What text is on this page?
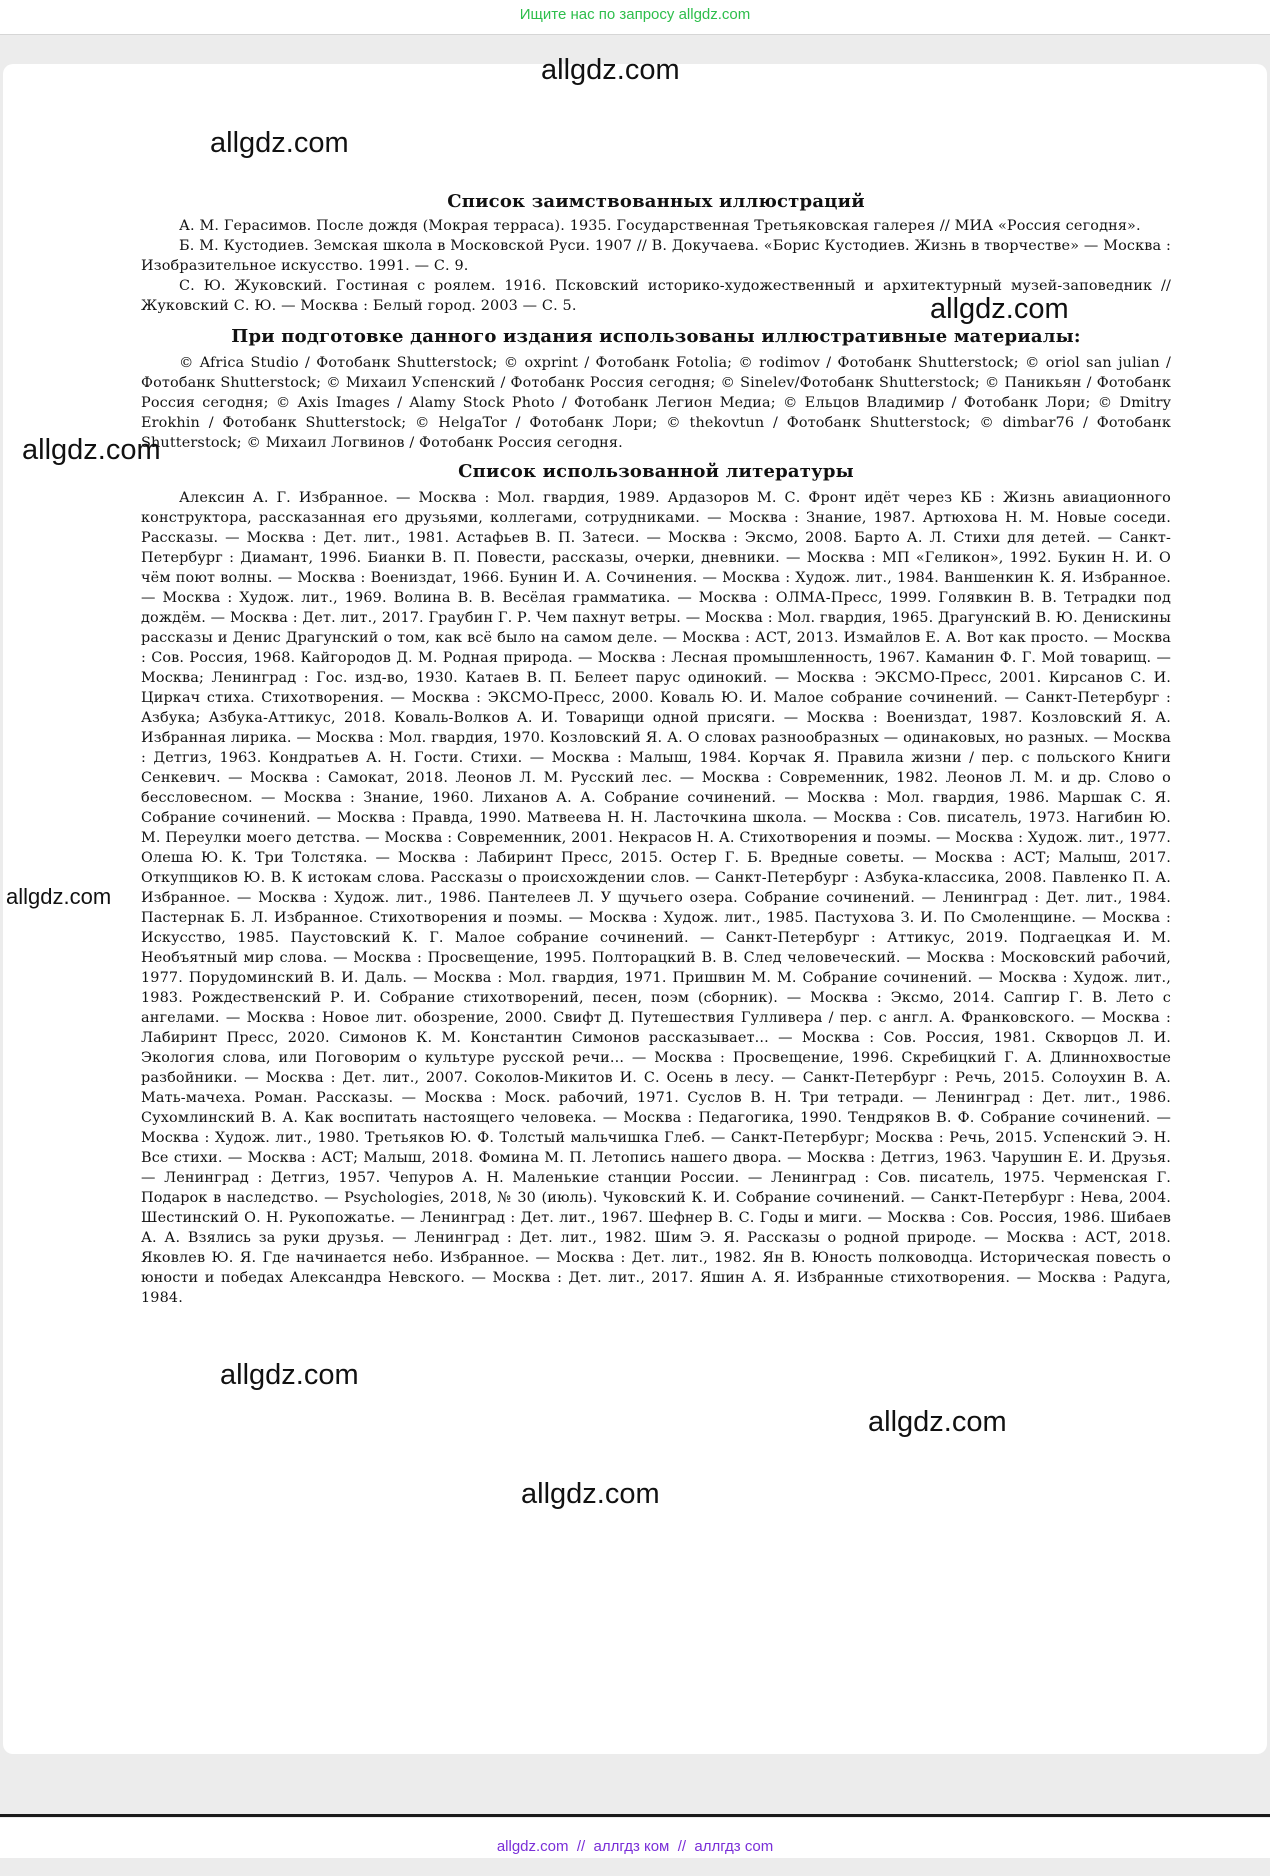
Ищите нас по запросу allgdz.com
allgdz.com
allgdz.com
allgdz.com
allgdz.com
allgdz.com
allgdz.com
allgdz.com
allgdz.com
Список заимствованных иллюстраций

А. М. Герасимов. После дождя (Мокрая терраса). 1935. Государственная Третьяковская галерея // МИА «Россия сегодня».

Б. М. Кустодиев. Земская школа в Московской Руси. 1907 // В. Докучаева. «Борис Кустодиев. Жизнь в творчестве» — Москва : Изобразительное искусство. 1991. — С. 9.

С. Ю. Жуковский. Гостиная с роялем. 1916. Псковский историко-художественный и архитектурный музей-заповедник // Жуковский С. Ю. — Москва : Белый город. 2003 — С. 5.

При подготовке данного издания использованы иллюстративные материалы:

© Africa Studio / Фотобанк Shutterstock; © oxprint / Фотобанк Fotolia; © rodimov / Фотобанк Shutterstock; © oriol san julian / Фотобанк Shutterstock; © Михаил Успенский / Фотобанк Россия сегодня; © Sinelev/Фотобанк Shutterstock; © Паникьян / Фотобанк Россия сегодня; © Axis Images / Alamy Stock Photo / Фотобанк Легион Медиа; © Ельцов Владимир / Фотобанк Лори; © Dmitry Erokhin / Фотобанк Shutterstock; © HelgaTor / Фотобанк Лори; © thekovtun / Фотобанк Shutterstock; © dimbar76 / Фотобанк Shutterstock; © Михаил Логвинов / Фотобанк Россия сегодня.

Список использованной литературы

Алексин А. Г. Избранное. — Москва : Мол. гвардия, 1989. Ардазоров М. С. Фронт идёт через КБ : Жизнь авиационного конструктора, рассказанная его друзьями, коллегами, сотрудниками. — Москва : Знание, 1987. Артюхова Н. М. Новые соседи. Рассказы. — Москва : Дет. лит., 1981. Астафьев В. П. Затеси. — Москва : Эксмо, 2008. Барто А. Л. Стихи для детей. — Санкт-Петербург : Диамант, 1996. Бианки В. П. Повести, рассказы, очерки, дневники. — Москва : МП «Геликон», 1992. Букин Н. И. О чём поют волны. — Москва : Воениздат, 1966. Бунин И. А. Сочинения. — Москва : Худож. лит., 1984. Ваншенкин К. Я. Избранное. — Москва : Худож. лит., 1969. Волина В. В. Весёлая грамматика. — Москва : ОЛМА-Пресс, 1999. Голявкин В. В. Тетрадки под дождём. — Москва : Дет. лит., 2017. Граубин Г. Р. Чем пахнут ветры. — Москва : Мол. гвардия, 1965. Драгунский В. Ю. Денискины рассказы и Денис Драгунский о том, как всё было на самом деле. — Москва : АСТ, 2013. Измайлов Е. А. Вот как просто. — Москва : Сов. Россия, 1968. Кайгородов Д. М. Родная природа. — Москва : Лесная промышленность, 1967. Каманин Ф. Г. Мой товарищ. — Москва; Ленинград : Гос. изд-во, 1930. Катаев В. П. Белеет парус одинокий. — Москва : ЭКСМО-Пресс, 2001. Кирсанов С. И. Циркач стиха. Стихотворения. — Москва : ЭКСМО-Пресс, 2000. Коваль Ю. И. Малое собрание сочинений. — Санкт-Петербург : Азбука; Азбука-Аттикус, 2018. Коваль-Волков А. И. Товарищи одной присяги. — Москва : Воениздат, 1987. Козловский Я. А. Избранная лирика. — Москва : Мол. гвардия, 1970. Козловский Я. А. О словах разнообразных — одинаковых, но разных. — Москва : Детгиз, 1963. Кондратьев А. Н. Гости. Стихи. — Москва : Малыш, 1984. Корчак Я. Правила жизни / пер. с польского Книги Сенкевич. — Москва : Самокат, 2018. Леонов Л. М. Русский лес. — Москва : Современник, 1982. Леонов Л. М. и др. Слово о бессловесном. — Москва : Знание, 1960. Лиханов А. А. Собрание сочинений. — Москва : Мол. гвардия, 1986. Маршак С. Я. Собрание сочинений. — Москва : Правда, 1990. Матвеева Н. Н. Ласточкина школа. — Москва : Сов. писатель, 1973. Нагибин Ю. М. Переулки моего детства. — Москва : Современник, 2001. Некрасов Н. А. Стихотворения и поэмы. — Москва : Худож. лит., 1977. Олеша Ю. К. Три Толстяка. — Москва : Лабиринт Пресс, 2015. Остер Г. Б. Вредные советы. — Москва : АСТ; Малыш, 2017. Откупщиков Ю. В. К истокам слова. Рассказы о происхождении слов. — Санкт-Петербург : Азбука-классика, 2008. Павленко П. А. Избранное. — Москва : Худож. лит., 1986. Пантелеев Л. У щучьего озера. Собрание сочинений. — Ленинград : Дет. лит., 1984. Пастернак Б. Л. Избранное. Стихотворения и поэмы. — Москва : Худож. лит., 1985. Пастухова З. И. По Смоленщине. — Москва : Искусство, 1985. Паустовский К. Г. Малое собрание сочинений. — Санкт-Петербург : Аттикус, 2019. Подгаецкая И. М. Необъятный мир слова. — Москва : Просвещение, 1995. Полторацкий В. В. След человеческий. — Москва : Московский рабочий, 1977. Порудоминский В. И. Даль. — Москва : Мол. гвардия, 1971. Пришвин М. М. Собрание сочинений. — Москва : Худож. лит., 1983. Рождественский Р. И. Собрание стихотворений, песен, поэм (сборник). — Москва : Эксмо, 2014. Сапгир Г. В. Лето с ангелами. — Москва : Новое лит. обозрение, 2000. Свифт Д. Путешествия Гулливера / пер. с англ. А. Франковского. — Москва : Лабиринт Пресс, 2020. Симонов К. М. Константин Симонов рассказывает... — Москва : Сов. Россия, 1981. Скворцов Л. И. Экология слова, или Поговорим о культуре русской речи... — Москва : Просвещение, 1996. Скребицкий Г. А. Длиннохвостые разбойники. — Москва : Дет. лит., 2007. Соколов-Микитов И. С. Осень в лесу. — Санкт-Петербург : Речь, 2015. Солоухин В. А. Мать-мачеха. Роман. Рассказы. — Москва : Моск. рабочий, 1971. Суслов В. Н. Три тетради. — Ленинград : Дет. лит., 1986. Сухомлинский В. А. Как воспитать настоящего человека. — Москва : Педагогика, 1990. Тендряков В. Ф. Собрание сочинений. — Москва : Худож. лит., 1980. Третьяков Ю. Ф. Толстый мальчишка Глеб. — Санкт-Петербург; Москва : Речь, 2015. Успенский Э. Н. Все стихи. — Москва : АСТ; Малыш, 2018. Фомина М. П. Летопись нашего двора. — Москва : Детгиз, 1963. Чарушин Е. И. Друзья. — Ленинград : Детгиз, 1957. Чепуров А. Н. Маленькие станции России. — Ленинград : Сов. писатель, 1975. Черменская Г. Подарок в наследство. — Psychologies, 2018, № 30 (июль). Чуковский К. И. Собрание сочинений. — Санкт-Петербург : Нева, 2004. Шестинский О. Н. Рукопожатье. — Ленинград : Дет. лит., 1967. Шефнер В. С. Годы и миги. — Москва : Сов. Россия, 1986. Шибаев А. А. Взялись за руки друзья. — Ленинград : Дет. лит., 1982. Шим Э. Я. Рассказы о родной природе. — Москва : АСТ, 2018. Яковлев Ю. Я. Где начинается небо. Избранное. — Москва : Дет. лит., 1982. Ян В. Юность полководца. Историческая повесть о юности и победах Александра Невского. — Москва : Дет. лит., 2017. Яшин А. Я. Избранные стихотворения. — Москва : Радуга, 1984.

allgdz.com // аллгдз ком // аллгдз com
